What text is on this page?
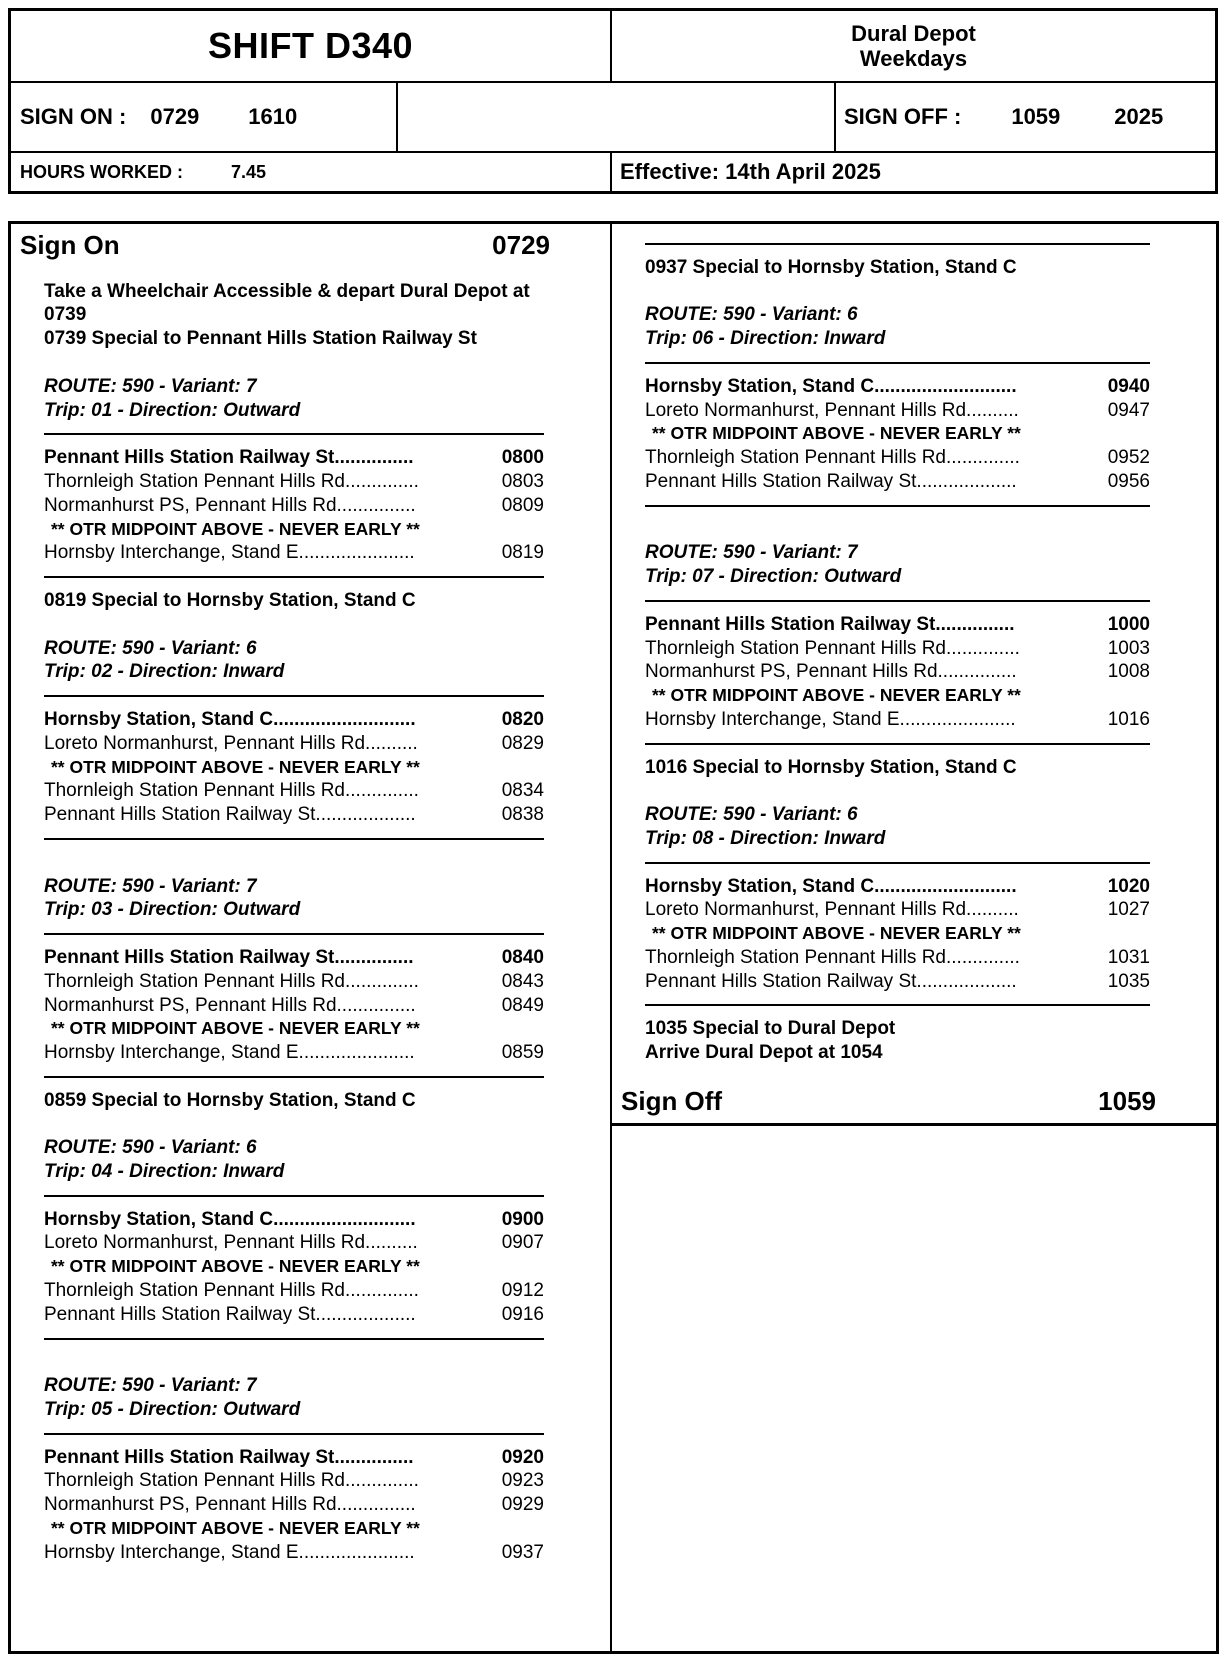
SHIFT D340	Dural Depot
Weekdays
SIGN ON : 0729 1610	SIGN OFF : 1059 2025
HOURS WORKED :	7.45	Effective: 14th April 2025
Sign On	0729
Take a Wheelchair Accessible & depart Dural Depot at
0739
0739 Special to Pennant Hills Station Railway St
ROUTE: 590 - Variant: 7
Trip: 01 - Direction: Outward
Pennant Hills Station Railway St...............	0800
Thornleigh Station Pennant Hills Rd..............	0803
Normanhurst PS, Pennant Hills Rd...............	0809
** OTR MIDPOINT ABOVE - NEVER EARLY **
Hornsby Interchange, Stand E......................	0819
0819 Special to Hornsby Station, Stand C
ROUTE: 590 - Variant: 6
Trip: 02 - Direction: Inward
Hornsby Station, Stand C...........................	0820
Loreto Normanhurst, Pennant Hills Rd..........	0829
** OTR MIDPOINT ABOVE - NEVER EARLY **
Thornleigh Station Pennant Hills Rd..............	0834
Pennant Hills Station Railway St...................	0838
ROUTE: 590 - Variant: 7
Trip: 03 - Direction: Outward
Pennant Hills Station Railway St...............	0840
Thornleigh Station Pennant Hills Rd..............	0843
Normanhurst PS, Pennant Hills Rd...............	0849
** OTR MIDPOINT ABOVE - NEVER EARLY **
Hornsby Interchange, Stand E......................	0859
0859 Special to Hornsby Station, Stand C
ROUTE: 590 - Variant: 6
Trip: 04 - Direction: Inward
Hornsby Station, Stand C...........................	0900
Loreto Normanhurst, Pennant Hills Rd..........	0907
** OTR MIDPOINT ABOVE - NEVER EARLY **
Thornleigh Station Pennant Hills Rd..............	0912
Pennant Hills Station Railway St...................	0916
ROUTE: 590 - Variant: 7
Trip: 05 - Direction: Outward
Pennant Hills Station Railway St...............	0920
Thornleigh Station Pennant Hills Rd..............	0923
Normanhurst PS, Pennant Hills Rd...............	0929
** OTR MIDPOINT ABOVE - NEVER EARLY **
Hornsby Interchange, Stand E......................	0937
0937 Special to Hornsby Station, Stand C
ROUTE: 590 - Variant: 6
Trip: 06 - Direction: Inward
Hornsby Station, Stand C...........................	0940
Loreto Normanhurst, Pennant Hills Rd..........	0947
** OTR MIDPOINT ABOVE - NEVER EARLY **
Thornleigh Station Pennant Hills Rd..............	0952
Pennant Hills Station Railway St...................	0956
ROUTE: 590 - Variant: 7
Trip: 07 - Direction: Outward
Pennant Hills Station Railway St...............	1000
Thornleigh Station Pennant Hills Rd..............	1003
Normanhurst PS, Pennant Hills Rd...............	1008
** OTR MIDPOINT ABOVE - NEVER EARLY **
Hornsby Interchange, Stand E......................	1016
1016 Special to Hornsby Station, Stand C
ROUTE: 590 - Variant: 6
Trip: 08 - Direction: Inward
Hornsby Station, Stand C...........................	1020
Loreto Normanhurst, Pennant Hills Rd..........	1027
** OTR MIDPOINT ABOVE - NEVER EARLY **
Thornleigh Station Pennant Hills Rd..............	1031
Pennant Hills Station Railway St...................	1035
1035 Special to Dural Depot
Arrive Dural Depot at 1054
Sign Off	1059
